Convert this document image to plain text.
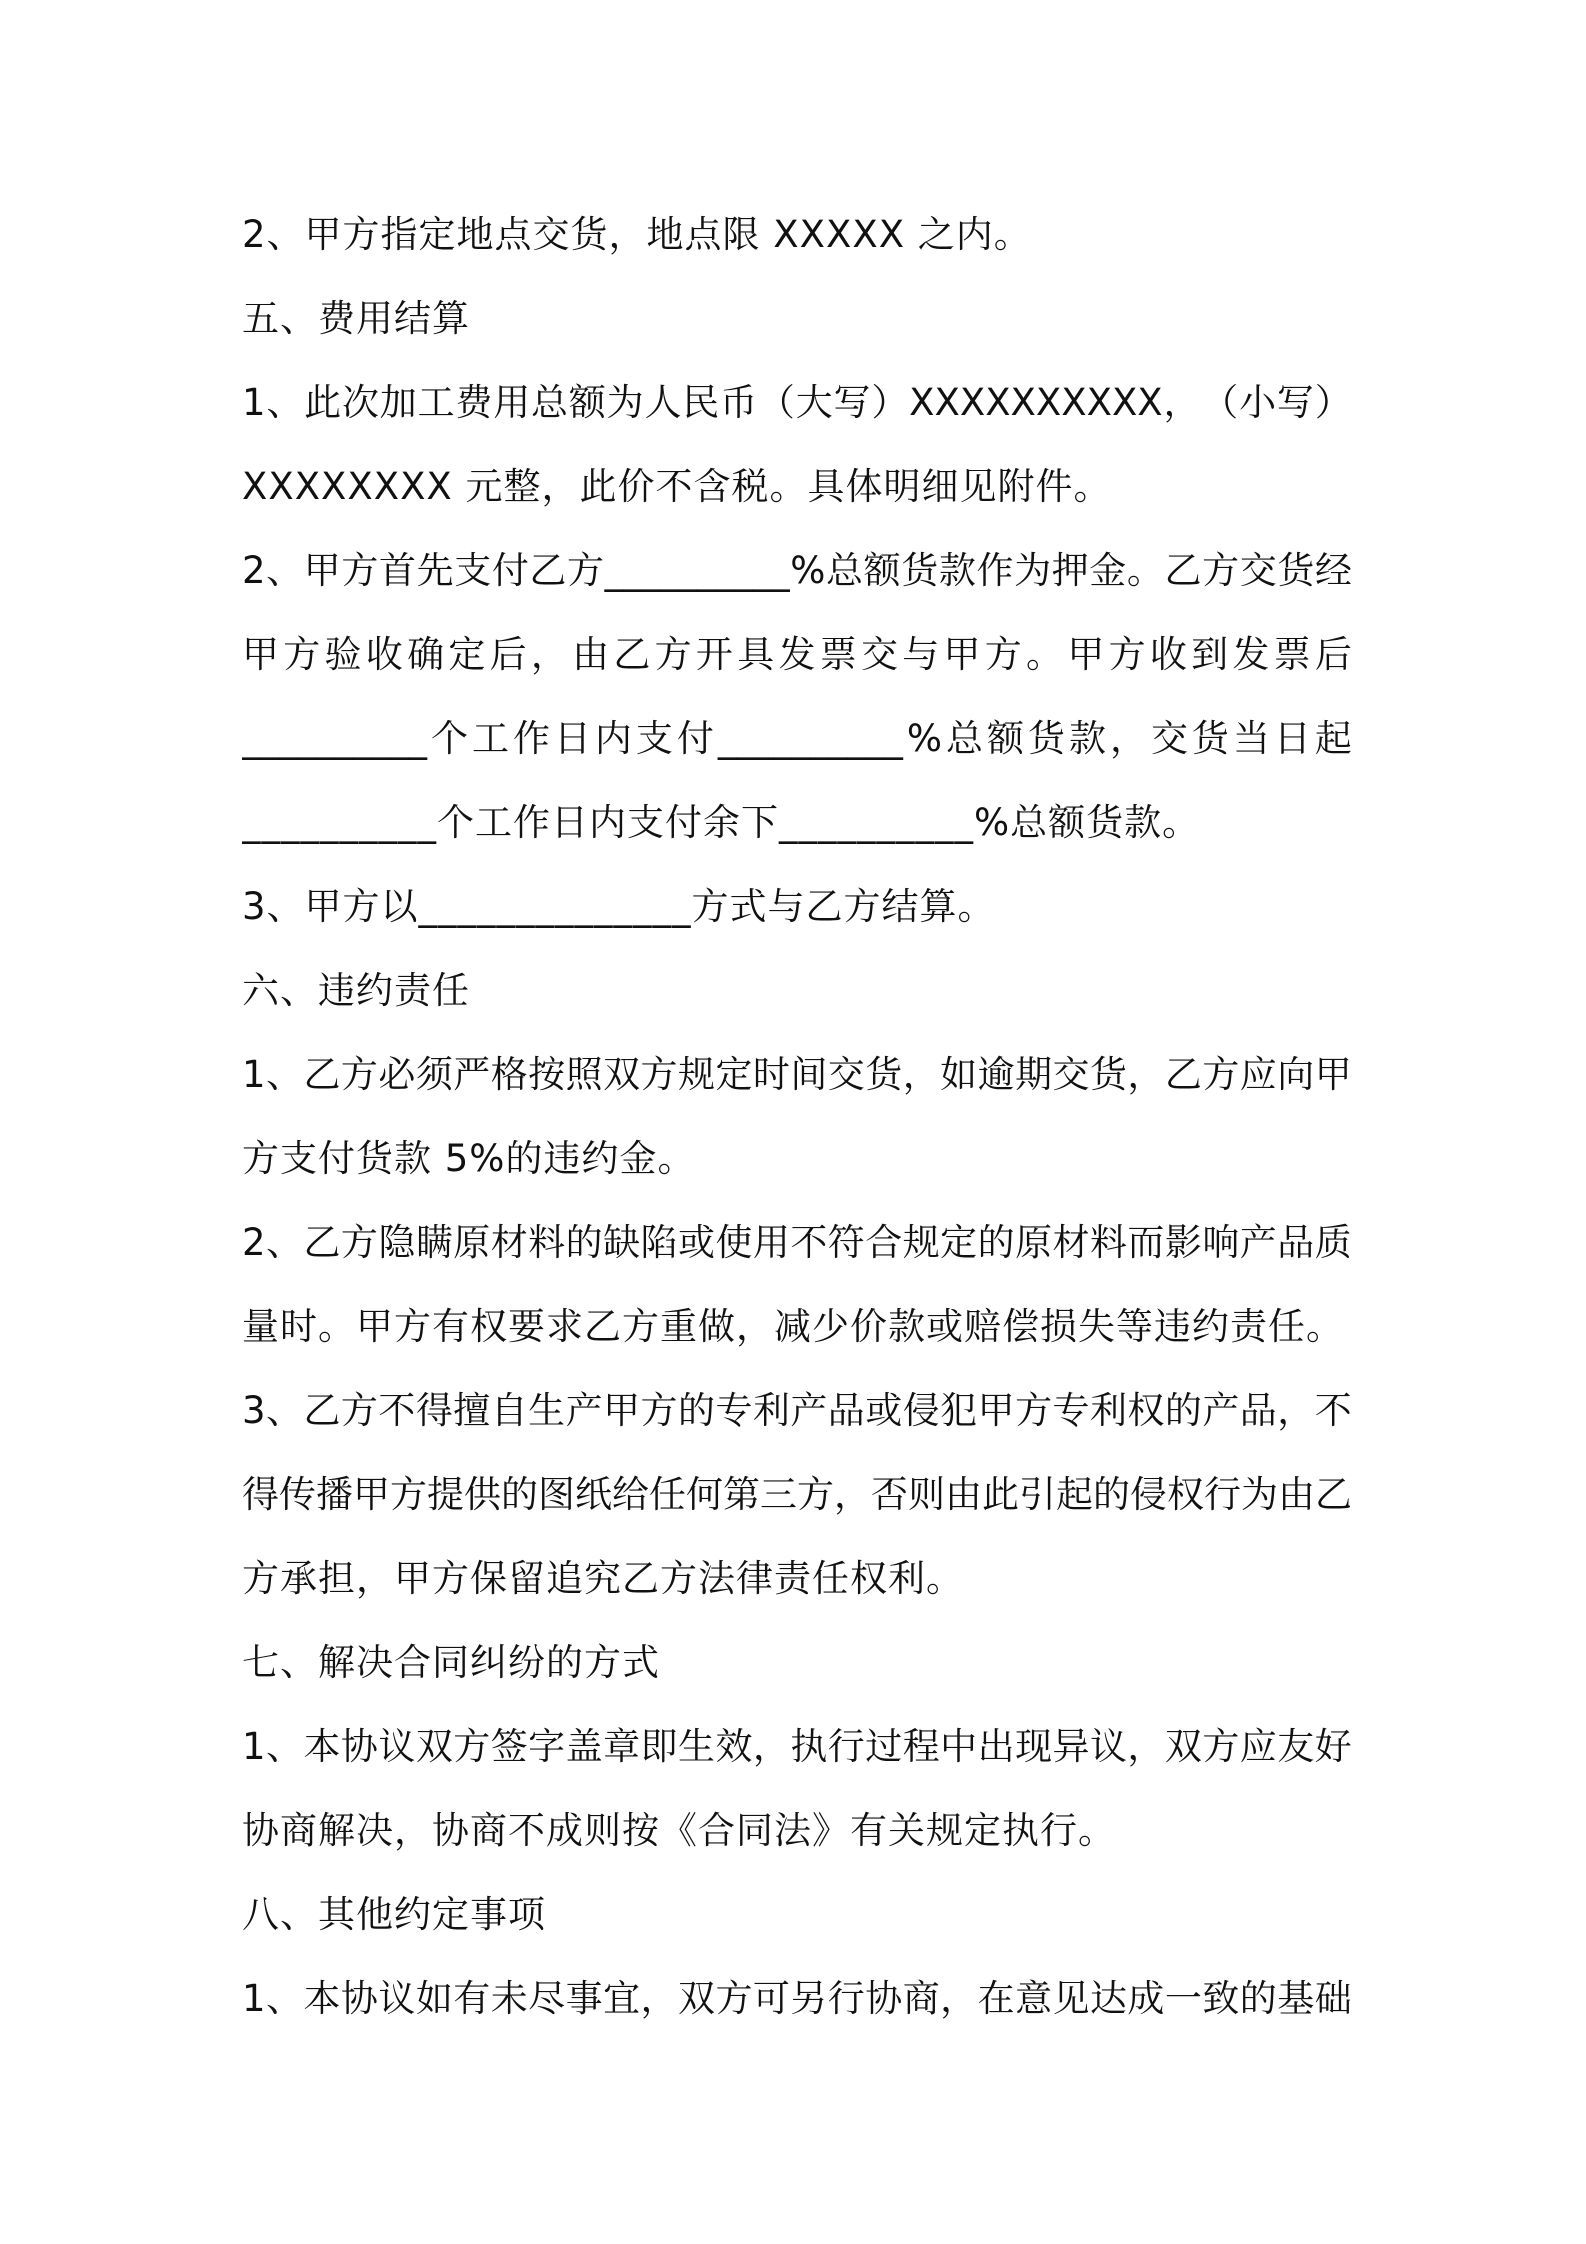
2、甲方指定地点交货，地点限 XXXXX 之内。
五、费用结算
1 、 此 次 加 工 费 用 总 额 为 人 民 币 （ 大 写 ） XXXXXXXXXX ， （ 小 写 ）
XXXXXXXX 元整，此价不含税。具体明细见附件。
2 、 甲 方 首 先 支 付 乙 方 __________ % 总 额 货 款 作 为 押 金 。 乙 方 交 货 经
甲 方 验 收 确 定 后 ， 由 乙 方 开 具 发 票 交 与 甲 方 。 甲 方 收 到 发 票 后
__________ 个 工 作 日 内 支 付 __________ % 总 额 货 款 ， 交 货 当 日 起
__________个工作日内支付余下__________%总额货款。
3、甲方以______________方式与乙方结算。
六、违约责任
1 、 乙 方 必 须 严 格 按 照 双 方 规 定 时 间 交 货 ， 如 逾 期 交 货 ， 乙 方 应 向 甲
方支付货款 5%的违约金。
2 、 乙 方 隐 瞒 原 材 料 的 缺 陷 或 使 用 不 符 合 规 定 的 原 材 料 而 影 响 产 品 质
量时。甲方有权要求乙方重做，减少价款或赔偿损失等违约责任。
3 、 乙 方 不 得 擅 自 生 产 甲 方 的 专 利 产 品 或 侵 犯 甲 方 专 利 权 的 产 品 ， 不
得 传 播 甲 方 提 供 的 图 纸 给 任 何 第 三 方 ， 否 则 由 此 引 起 的 侵 权 行 为 由 乙
方承担，甲方保留追究乙方法律责任权利。
七、解决合同纠纷的方式
1 、 本 协 议 双 方 签 字 盖 章 即 生 效 ， 执 行 过 程 中 出 现 异 议 ， 双 方 应 友 好
协商解决，协商不成则按《合同法》有关规定执行。
八、其他约定事项
1 、 本 协 议 如 有 未 尽 事 宜 ， 双 方 可 另 行 协 商 ， 在 意 见 达 成 一 致 的 基 础
